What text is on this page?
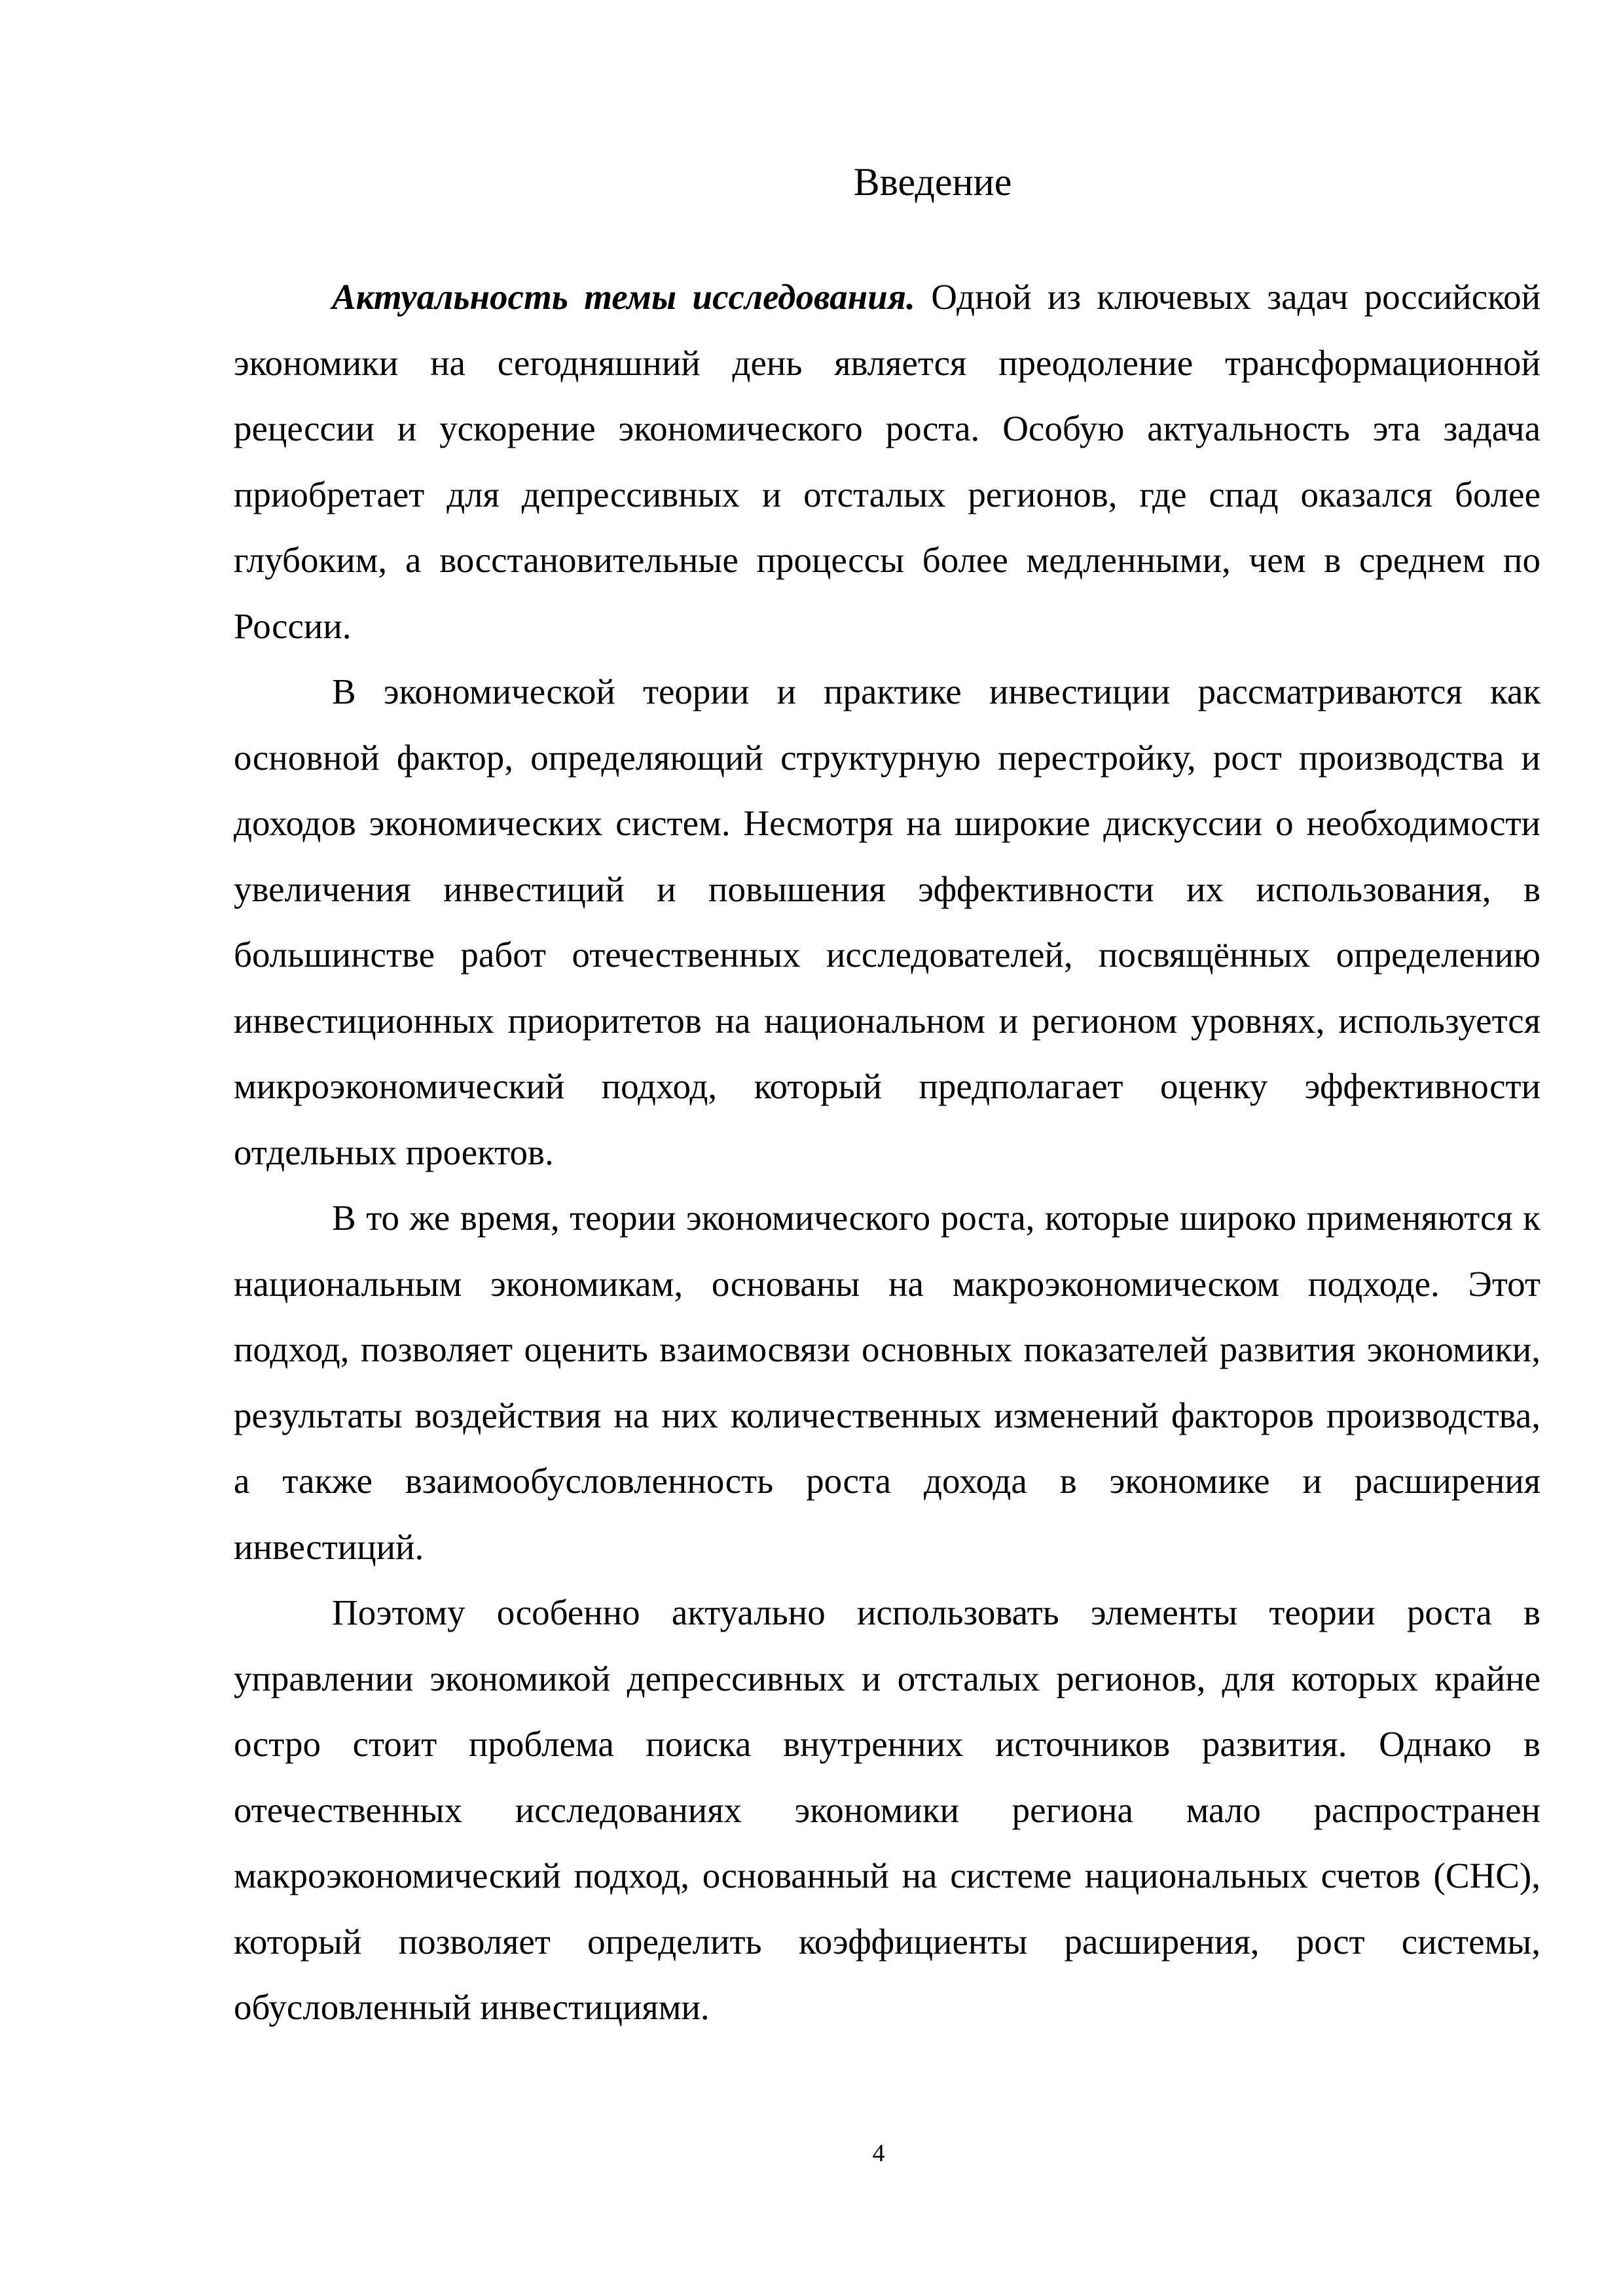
Введение

Актуальность темы исследования. Одной из ключевых задач российской экономики на сегодняшний день является преодоление трансформационной рецессии и ускорение экономического роста. Особую актуальность эта задача приобретает для депрессивных и отсталых регионов, где спад оказался более глубоким, а восстановительные процессы более медленными, чем в среднем по России.

В экономической теории и практике инвестиции рассматриваются как основной фактор, определяющий структурную перестройку, рост производства и доходов экономических систем. Несмотря на широкие дискуссии о необходимости увеличения инвестиций и повышения эффективности их использования, в большинстве работ отечественных исследователей, посвящённых определению инвестиционных приоритетов на национальном и регионом уровнях, используется микроэкономический подход, который предполагает оценку эффективности отдельных проектов.

В то же время, теории экономического роста, которые широко применяются к национальным экономикам, основаны на макроэкономическом подходе. Этот подход, позволяет оценить взаимосвязи основных показателей развития экономики, результаты воздействия на них количественных изменений факторов производства, а также взаимообусловленность роста дохода в экономике и расширения инвестиций.

Поэтому особенно актуально использовать элементы теории роста в управлении экономикой депрессивных и отсталых регионов, для которых крайне остро стоит проблема поиска внутренних источников развития. Однако в отечественных исследованиях экономики региона мало распространен макроэкономический подход, основанный на системе национальных счетов (СНС), который позволяет определить коэффициенты расширения, рост системы, обусловленный инвестициями.

4
